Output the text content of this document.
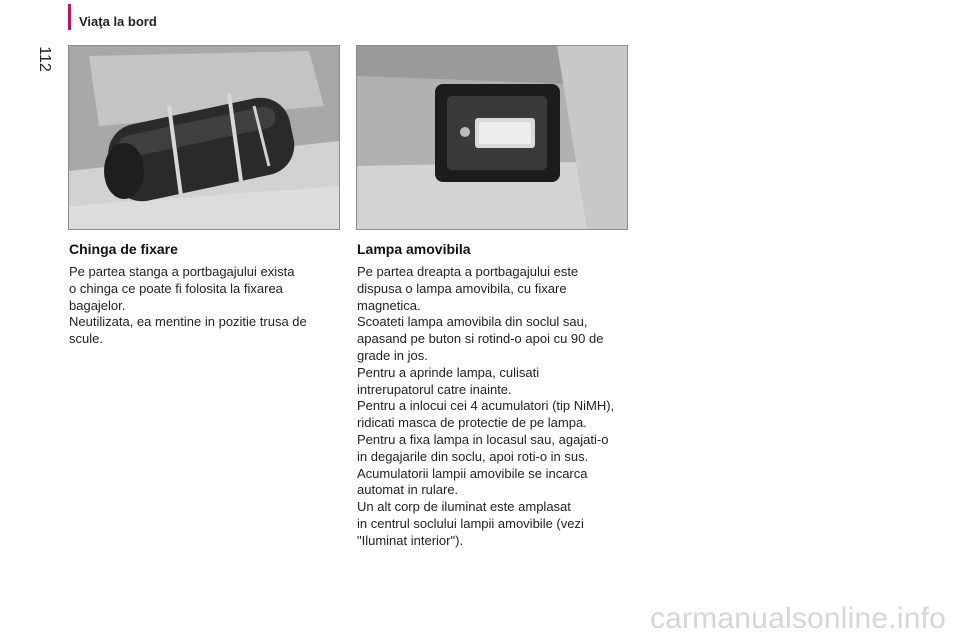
Viaţa la bord
112
Chinga de fixare

Pe partea stanga a portbagajului exista

o chinga ce poate fi folosita la fixarea

bagajelor.

Neutilizata, ea mentine in pozitie trusa de

scule.

Lampa amovibila

Pe partea dreapta a portbagajului este

dispusa o lampa amovibila, cu fixare

magnetica.

Scoateti lampa amovibila din soclul sau,

apasand pe buton si rotind-o apoi cu 90 de

grade in jos.

Pentru a aprinde lampa, culisati

intrerupatorul catre inainte.

Pentru a inlocui cei 4 acumulatori (tip NiMH),

ridicati masca de protectie de pe lampa.

Pentru a fixa lampa in locasul sau, agajati-o

in degajarile din soclu, apoi roti-o in sus.

Acumulatorii lampii amovibile se incarca

automat in rulare.

Un alt corp de iluminat este amplasat

in centrul soclului lampii amovibile (vezi

"Iluminat interior").

carmanualsonline.info
